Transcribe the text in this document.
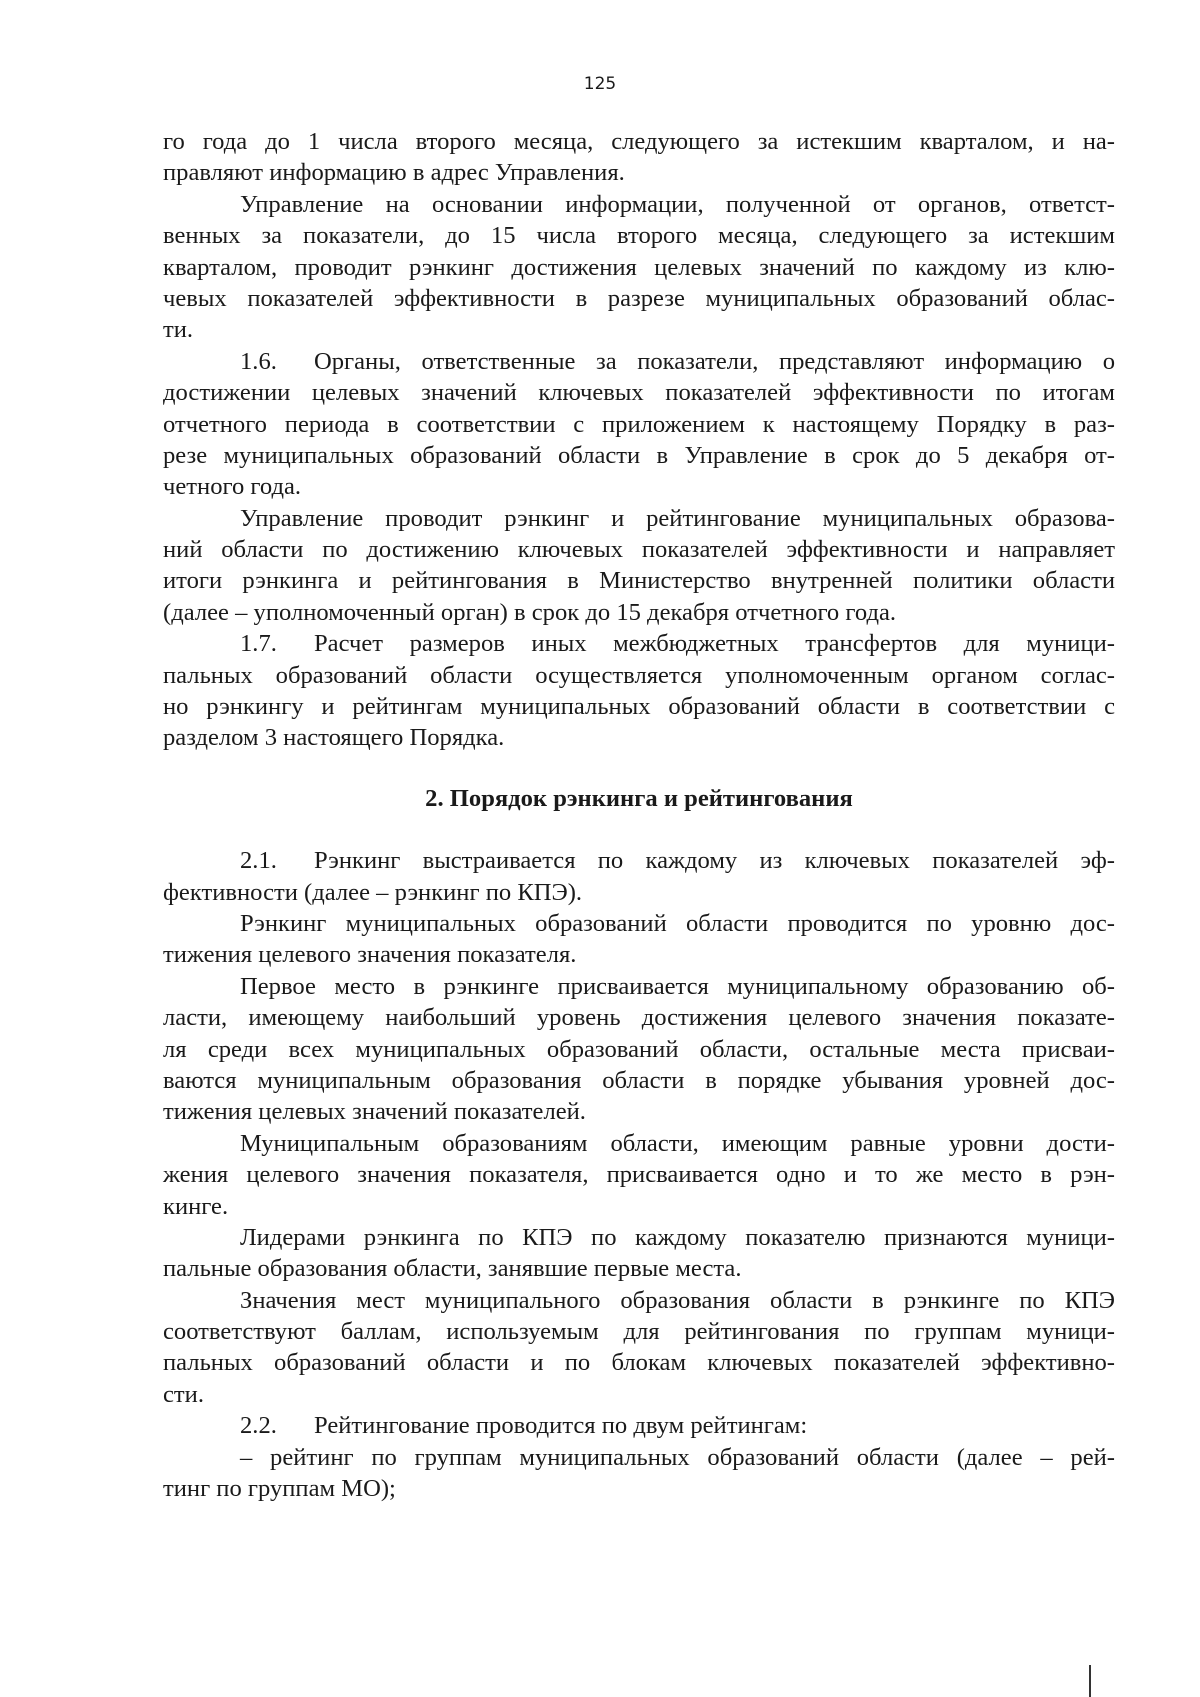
125
го года до 1 числа второго месяца, следующего за истекшим кварталом, и на-
правляют информацию в адрес Управления.
Управление на основании информации, полученной от органов, ответст-
венных за показатели, до 15 числа второго месяца, следующего за истекшим
кварталом, проводит рэнкинг достижения целевых значений по каждому из клю-
чевых показателей эффективности в разрезе муниципальных образований облас-
ти.
1.6. Органы, ответственные за показатели, представляют информацию о
достижении целевых значений ключевых показателей эффективности по итогам
отчетного периода в соответствии с приложением к настоящему Порядку в раз-
резе муниципальных образований области в Управление в срок до 5 декабря от-
четного года.
Управление проводит рэнкинг и рейтингование муниципальных образова-
ний области по достижению ключевых показателей эффективности и направляет
итоги рэнкинга и рейтингования в Министерство внутренней политики области
(далее – уполномоченный орган) в срок до 15 декабря отчетного года.
1.7. Расчет размеров иных межбюджетных трансфертов для муници-
пальных образований области осуществляется уполномоченным органом соглас-
но рэнкингу и рейтингам муниципальных образований области в соответствии с
разделом 3 настоящего Порядка.
2. Порядок рэнкинга и рейтингования
2.1. Рэнкинг выстраивается по каждому из ключевых показателей эф-
фективности (далее – рэнкинг по КПЭ).
Рэнкинг муниципальных образований области проводится по уровню дос-
тижения целевого значения показателя.
Первое место в рэнкинге присваивается муниципальному образованию об-
ласти, имеющему наибольший уровень достижения целевого значения показате-
ля среди всех муниципальных образований области, остальные места присваи-
ваются муниципальным образования области в порядке убывания уровней дос-
тижения целевых значений показателей.
Муниципальным образованиям области, имеющим равные уровни дости-
жения целевого значения показателя, присваивается одно и то же место в рэн-
кинге.
Лидерами рэнкинга по КПЭ по каждому показателю признаются муници-
пальные образования области, занявшие первые места.
Значения мест муниципального образования области в рэнкинге по КПЭ
соответствуют баллам, используемым для рейтингования по группам муници-
пальных образований области и по блокам ключевых показателей эффективно-
сти.
2.2. Рейтингование проводится по двум рейтингам:
– рейтинг по группам муниципальных образований области (далее – рей-
тинг по группам МО);
